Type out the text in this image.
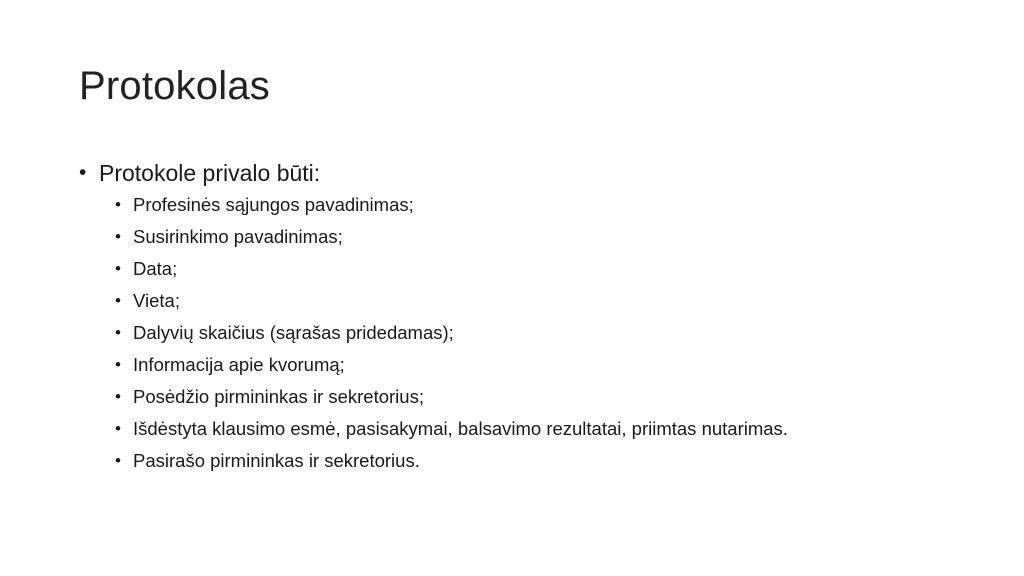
Protokolas
• Protokole privalo būti:
• Profesinės sąjungos pavadinimas;
• Susirinkimo pavadinimas;
• Data;
• Vieta;
• Dalyvių skaičius (sąrašas pridedamas);
• Informacija apie kvorumą;
• Posėdžio pirmininkas ir sekretorius;
• Išdėstyta klausimo esmė, pasisakymai, balsavimo rezultatai, priimtas nutarimas.
• Pasirašo pirmininkas ir sekretorius.
